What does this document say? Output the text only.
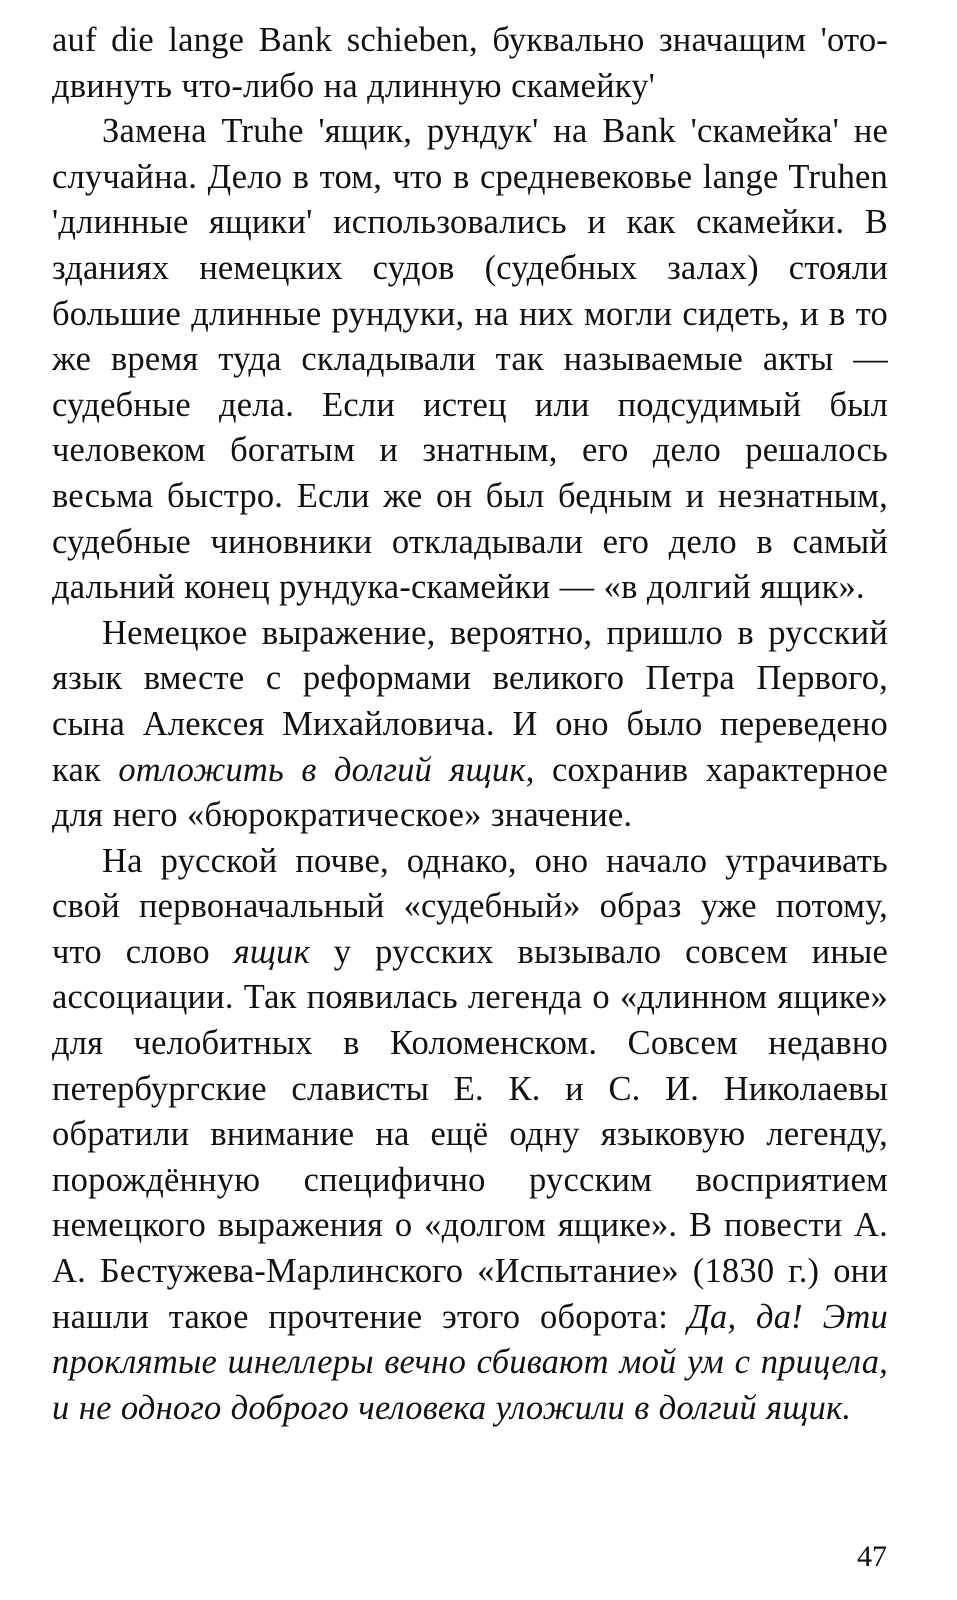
auf die lange Bank schieben, буквально значащим 'ото-двинуть что-либо на длинную скамейку'

Замена Truhe 'ящик, рундук' на Bank 'скамейка' не случайна. Дело в том, что в средневековье lange Truhen 'длинные ящики' использовались и как скамейки. В зданиях немецких судов (судебных залах) стояли большие длинные рундуки, на них могли сидеть, и в то же время туда складывали так называемые акты — судебные дела. Если истец или подсудимый был человеком богатым и знатным, его дело решалось весьма быстро. Если же он был бедным и незнатным, судебные чиновники откладывали его дело в самый дальний конец рундука-скамейки — «в долгий ящик».

Немецкое выражение, вероятно, пришло в русский язык вместе с реформами великого Петра Первого, сына Алексея Михайловича. И оно было переведено как отложить в долгий ящик, сохранив характерное для него «бюрократическое» значение.

На русской почве, однако, оно начало утрачивать свой первоначальный «судебный» образ уже потому, что слово ящик у русских вызывало совсем иные ассоциации. Так появилась легенда о «длинном ящике» для челобитных в Коломенском. Совсем недавно петербургские слависты Е. К. и С. И. Николаевы обратили внимание на ещё одну языковую легенду, порождённую специфично русским восприятием немецкого выражения о «долгом ящике». В повести А. А. Бестужева-Марлинского «Испытание» (1830 г.) они нашли такое прочтение этого оборота: Да, да! Эти проклятые шнеллеры вечно сбивают мой ум с прицела, и не одного доброго человека уложили в долгий ящик.

47
